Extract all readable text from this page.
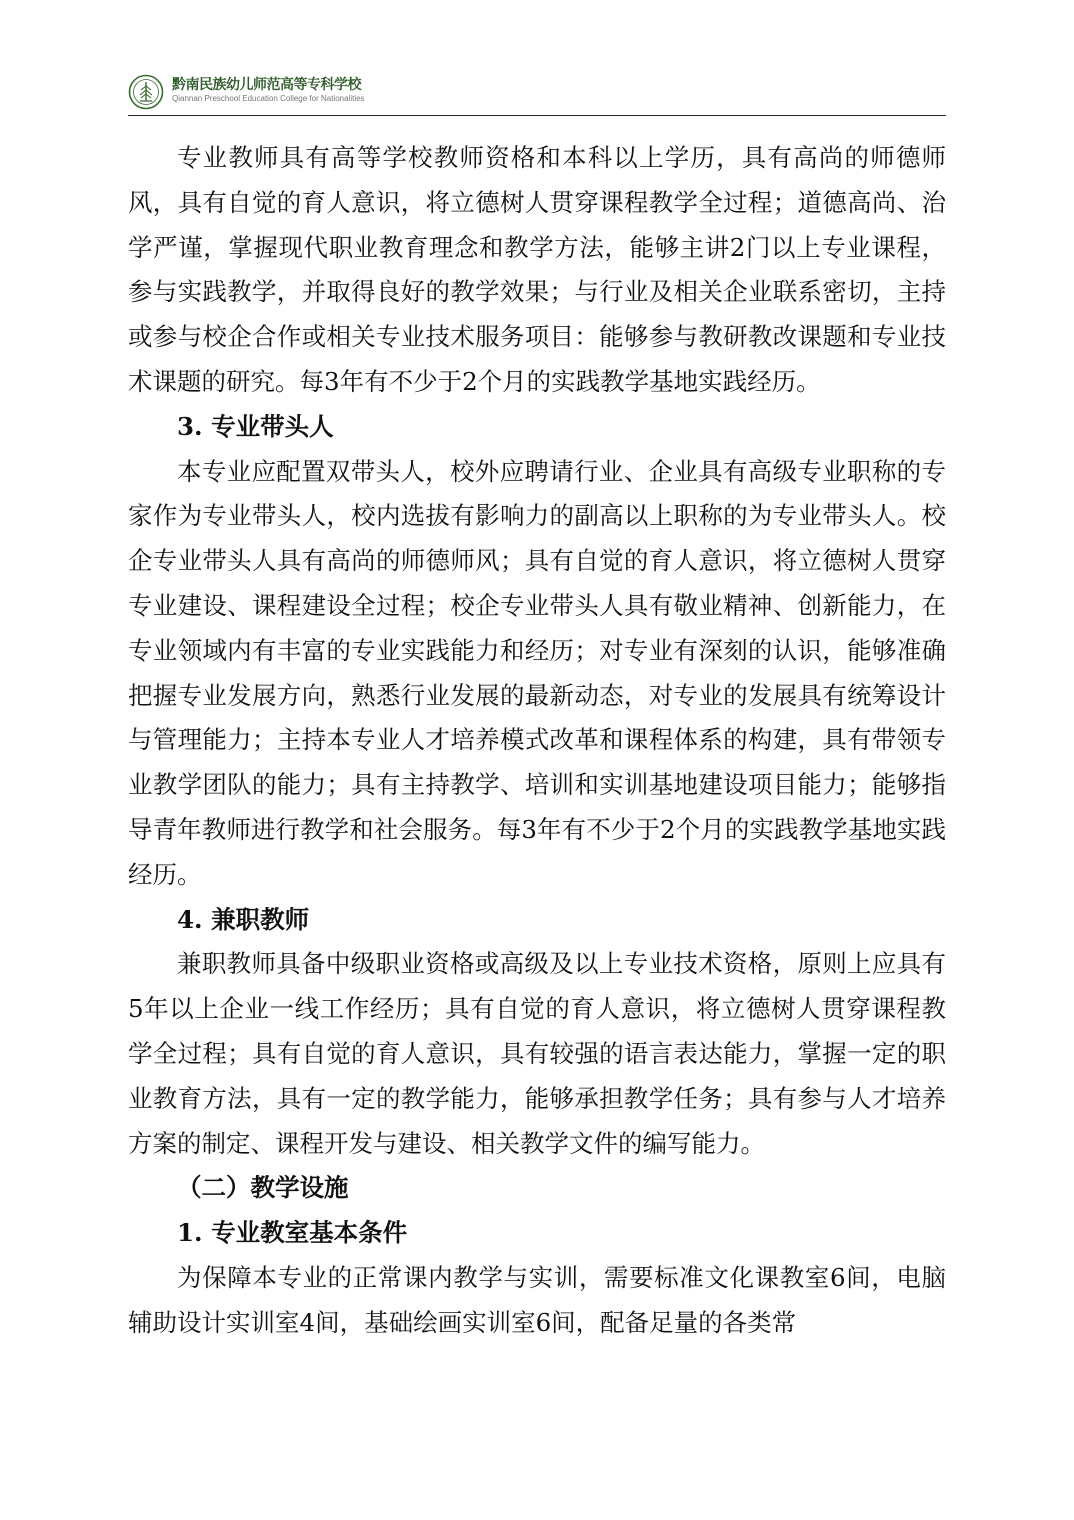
黔南民族幼儿师范高等专科学校
Qiannan Preschool Education College for Nationalities

专业教师具有高等学校教师资格和本科以上学历，具有高尚的师德师风，具有自觉的育人意识，将立德树人贯穿课程教学全过程；道德高尚、治学严谨，掌握现代职业教育理念和教学方法，能够主讲2门以上专业课程，参与实践教学，并取得良好的教学效果；与行业及相关企业联系密切，主持或参与校企合作或相关专业技术服务项目：能够参与教研教改课题和专业技术课题的研究。每3年有不少于2个月的实践教学基地实践经历。

3. 专业带头人

本专业应配置双带头人，校外应聘请行业、企业具有高级专业职称的专家作为专业带头人，校内选拔有影响力的副高以上职称的为专业带头人。校企专业带头人具有高尚的师德师风；具有自觉的育人意识，将立德树人贯穿专业建设、课程建设全过程；校企专业带头人具有敬业精神、创新能力，在专业领域内有丰富的专业实践能力和经历；对专业有深刻的认识，能够准确把握专业发展方向，熟悉行业发展的最新动态，对专业的发展具有统筹设计与管理能力；主持本专业人才培养模式改革和课程体系的构建，具有带领专业教学团队的能力；具有主持教学、培训和实训基地建设项目能力；能够指导青年教师进行教学和社会服务。每3年有不少于2个月的实践教学基地实践经历。

4. 兼职教师

兼职教师具备中级职业资格或高级及以上专业技术资格，原则上应具有5年以上企业一线工作经历；具有自觉的育人意识，将立德树人贯穿课程教学全过程；具有自觉的育人意识，具有较强的语言表达能力，掌握一定的职业教育方法，具有一定的教学能力，能够承担教学任务；具有参与人才培养方案的制定、课程开发与建设、相关教学文件的编写能力。

（二）教学设施

1. 专业教室基本条件

为保障本专业的正常课内教学与实训，需要标准文化课教室6间，电脑辅助设计实训室4间，基础绘画实训室6间，配备足量的各类常
